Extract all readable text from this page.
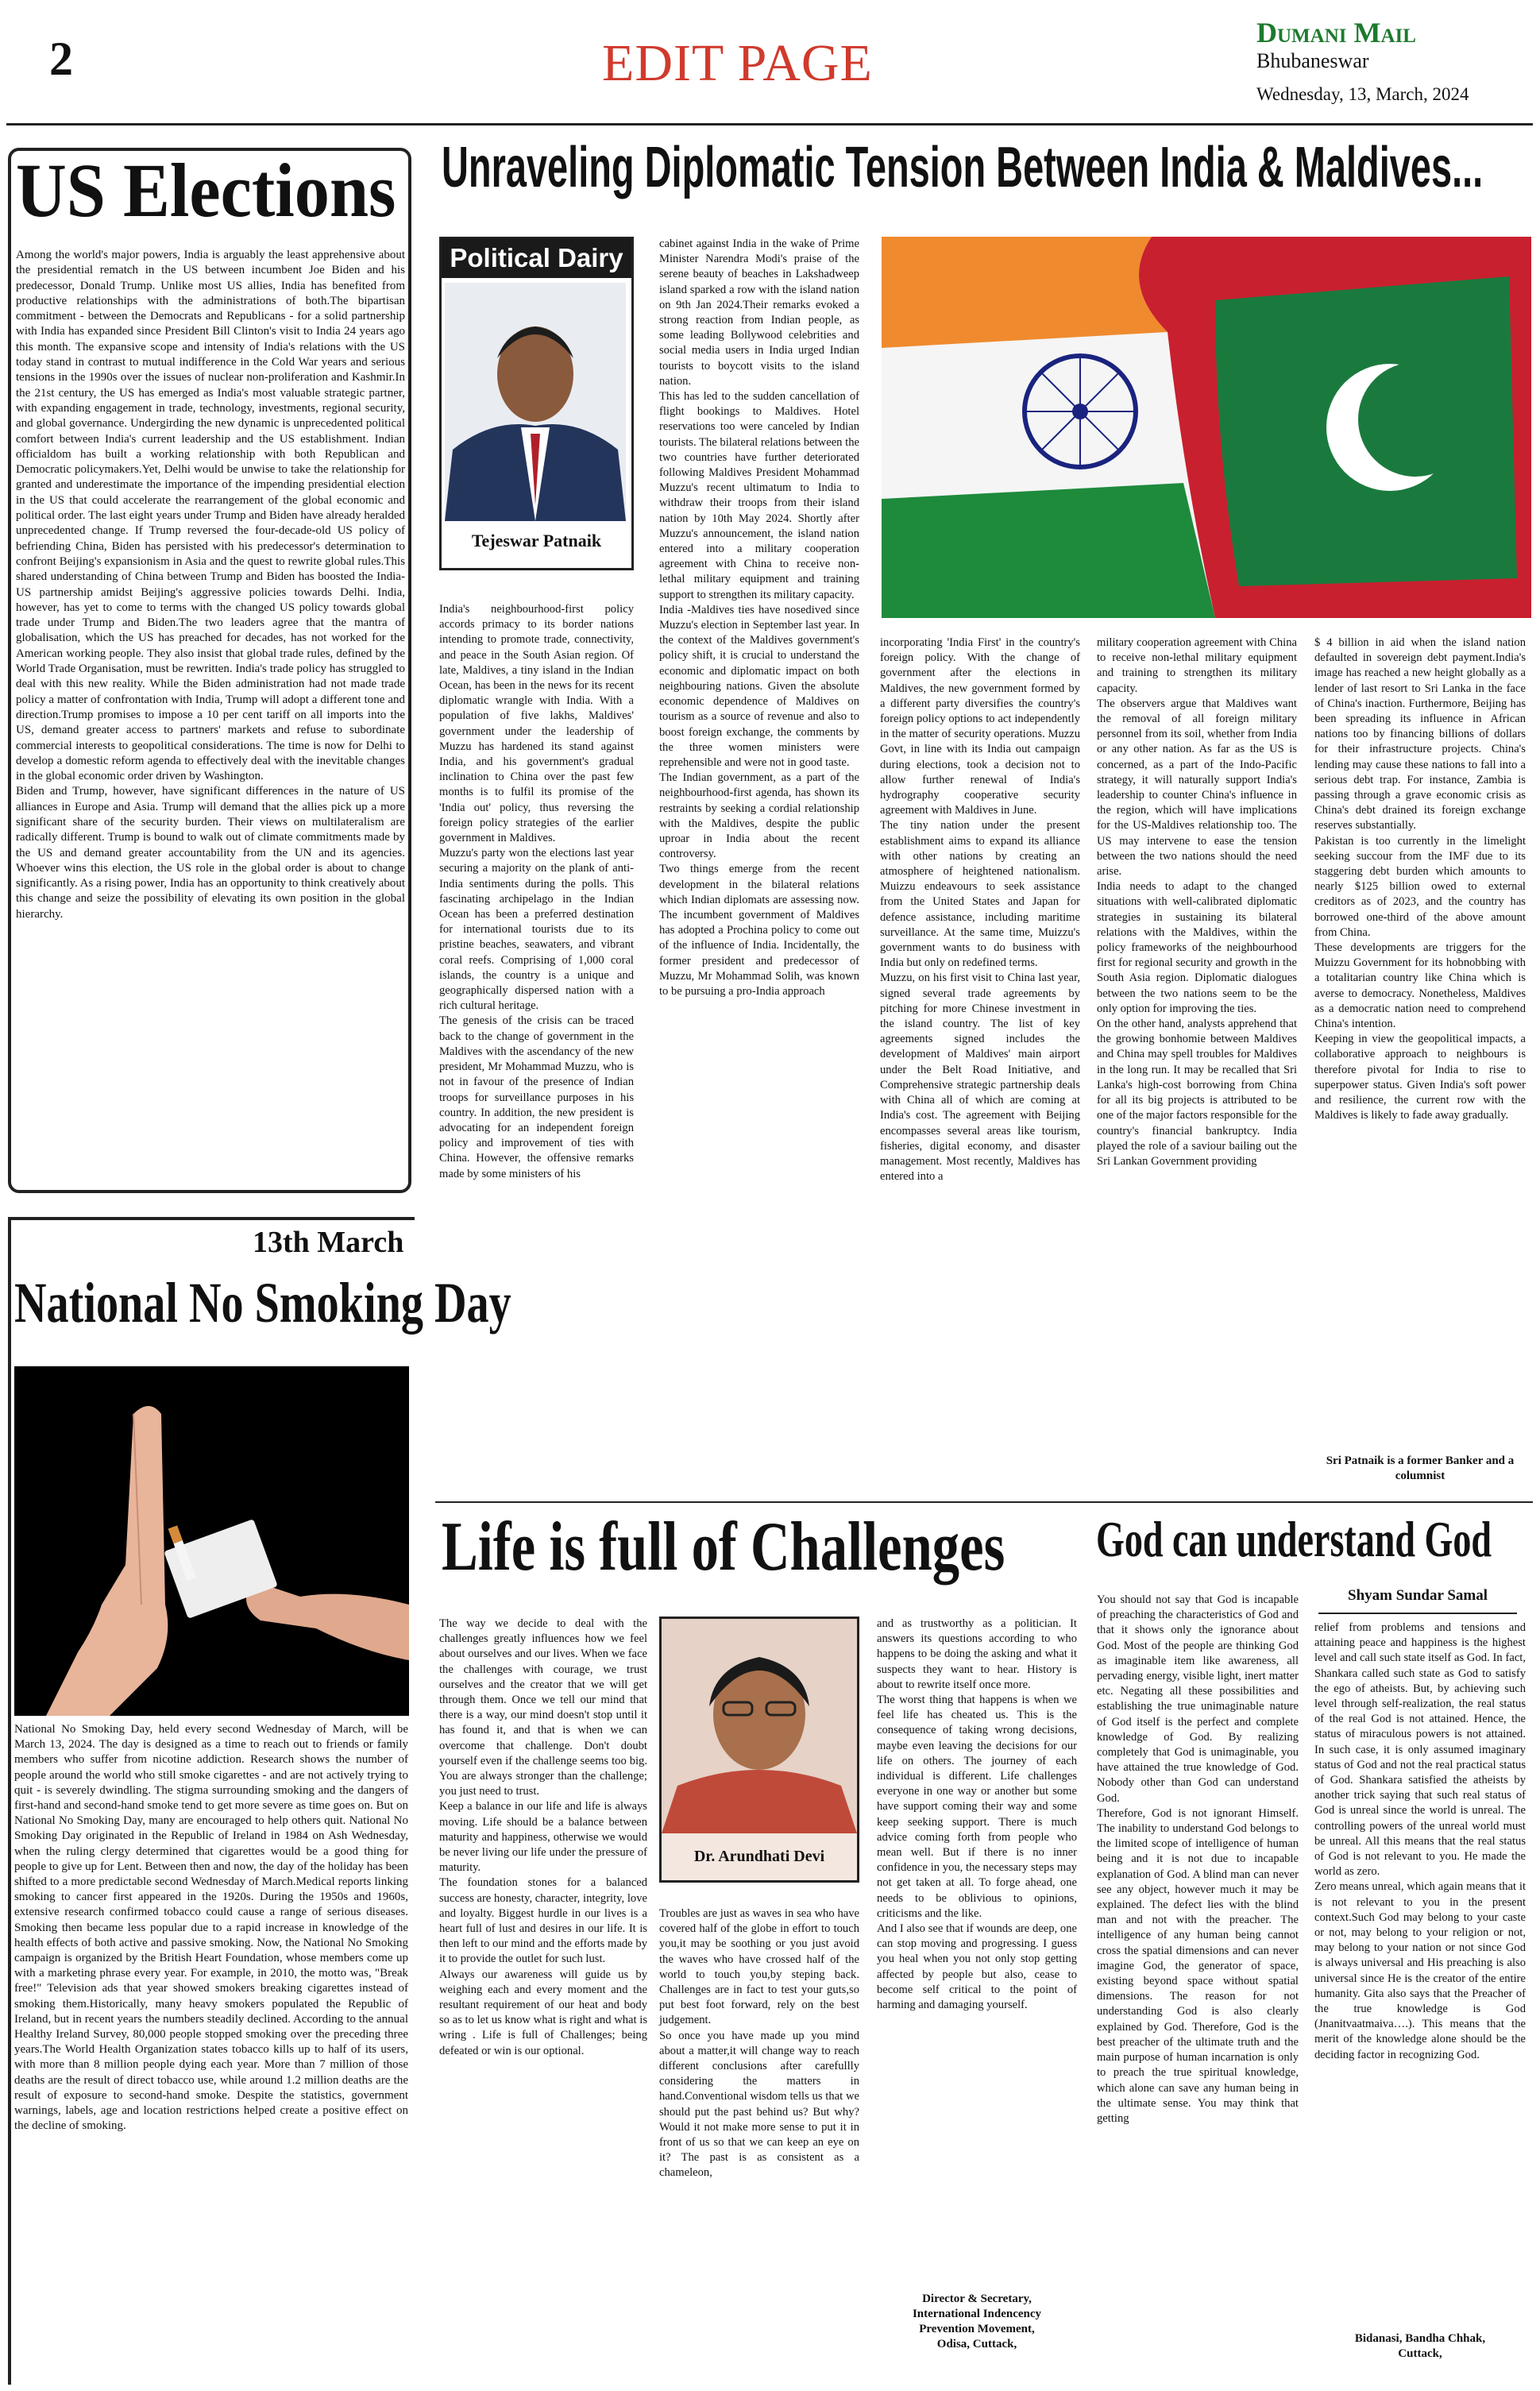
2	EDIT PAGE
Dumani Mail
Bhubaneswar
Wednesday, 13, March, 2024
US Elections
Among the world's major powers, India is arguably the least apprehensive about the presidential rematch in the US between incumbent Joe Biden and his predecessor, Donald Trump. Unlike most US allies, India has benefited from productive relationships with the administrations of both.The bipartisan commitment - between the Democrats and Republicans - for a solid partnership with India has expanded since President Bill Clinton's visit to India 24 years ago this month. The expansive scope and intensity of India's relations with the US today stand in contrast to mutual indifference in the Cold War years and serious tensions in the 1990s over the issues of nuclear non-proliferation and Kashmir.In the 21st century, the US has emerged as India's most valuable strategic partner, with expanding engagement in trade, technology, investments, regional security, and global governance. Undergirding the new dynamic is unprecedented political comfort between India's current leadership and the US establishment. Indian officialdom has built a working relationship with both Republican and Democratic policymakers.Yet, Delhi would be unwise to take the relationship for granted and underestimate the importance of the impending presidential election in the US that could accelerate the rearrangement of the global economic and political order. The last eight years under Trump and Biden have already heralded unprecedented change. If Trump reversed the four-decade-old US policy of befriending China, Biden has persisted with his predecessor's determination to confront Beijing's expansionism in Asia and the quest to rewrite global rules.This shared understanding of China between Trump and Biden has boosted the India-US partnership amidst Beijing's aggressive policies towards Delhi. India, however, has yet to come to terms with the changed US policy towards global trade under Trump and Biden.The two leaders agree that the mantra of globalisation, which the US has preached for decades, has not worked for the American working people. They also insist that global trade rules, defined by the World Trade Organisation, must be rewritten. India's trade policy has struggled to deal with this new reality. While the Biden administration had not made trade policy a matter of confrontation with India, Trump will adopt a different tone and direction.Trump promises to impose a 10 per cent tariff on all imports into the US, demand greater access to partners' markets and refuse to subordinate commercial interests to geopolitical considerations. The time is now for Delhi to develop a domestic reform agenda to effectively deal with the inevitable changes in the global economic order driven by Washington.
Biden and Trump, however, have significant differences in the nature of US alliances in Europe and Asia. Trump will demand that the allies pick up a more significant share of the security burden. Their views on multilateralism are radically different. Trump is bound to walk out of climate commitments made by the US and demand greater accountability from the UN and its agencies. Whoever wins this election, the US role in the global order is about to change significantly. As a rising power, India has an opportunity to think creatively about this change and seize the possibility of elevating its own position in the global hierarchy.
13th March
National No Smoking Day
National No Smoking Day, held every second Wednesday of March, will be March 13, 2024. The day is designed as a time to reach out to friends or family members who suffer from nicotine addiction. Research shows the number of people around the world who still smoke cigarettes - and are not actively trying to quit - is severely dwindling. The stigma surrounding smoking and the dangers of first-hand and second-hand smoke tend to get more severe as time goes on. But on National No Smoking Day, many are encouraged to help others quit. National No Smoking Day originated in the Republic of Ireland in 1984 on Ash Wednesday, when the ruling clergy determined that cigarettes would be a good thing for people to give up for Lent. Between then and now, the day of the holiday has been shifted to a more predictable second Wednesday of March.Medical reports linking smoking to cancer first appeared in the 1920s. During the 1950s and 1960s, extensive research confirmed tobacco could cause a range of serious diseases. Smoking then became less popular due to a rapid increase in knowledge of the health effects of both active and passive smoking. Now, the National No Smoking campaign is organized by the British Heart Foundation, whose members come up with a marketing phrase every year. For example, in 2010, the motto was, "Break free!" Television ads that year showed smokers breaking cigarettes instead of smoking them.Historically, many heavy smokers populated the Republic of Ireland, but in recent years the numbers steadily declined. According to the annual Healthy Ireland Survey, 80,000 people stopped smoking over the preceding three years.The World Health Organization states tobacco kills up to half of its users, with more than 8 million people dying each year. More than 7 million of those deaths are the result of direct tobacco use, while around 1.2 million deaths are the result of exposure to second-hand smoke. Despite the statistics, government warnings, labels, age and location restrictions helped create a positive effect on the decline of smoking.
Unraveling Diplomatic Tension Between India & Maldives...
Political Dairy
Tejeswar Patnaik
India's neighbourhood-first policy accords primacy to its border nations intending to promote trade, connectivity, and peace in the South Asian region. Of late, Maldives, a tiny island in the Indian Ocean, has been in the news for its recent diplomatic wrangle with India. With a population of five lakhs, Maldives' government under the leadership of Muzzu has hardened its stand against India, and his government's gradual inclination to China over the past few months is to fulfil its promise of the 'India out' policy, thus reversing the foreign policy strategies of the earlier government in Maldives.
Muzzu's party won the elections last year securing a majority on the plank of anti-India sentiments during the polls. This fascinating archipelago in the Indian Ocean has been a preferred destination for international tourists due to its pristine beaches, seawaters, and vibrant coral reefs. Comprising of 1,000 coral islands, the country is a unique and geographically dispersed nation with a rich cultural heritage.
The genesis of the crisis can be traced back to the change of government in the Maldives with the ascendancy of the new president, Mr Mohammad Muzzu, who is not in favour of the presence of Indian troops for surveillance purposes in his country. In addition, the new president is advocating for an independent foreign policy and improvement of ties with China. However, the offensive remarks made by some ministers of his
cabinet against India in the wake of Prime Minister Narendra Modi's praise of the serene beauty of beaches in Lakshadweep island sparked a row with the island nation on 9th Jan 2024.Their remarks evoked a strong reaction from Indian people, as some leading Bollywood celebrities and social media users in India urged Indian tourists to boycott visits to the island nation.
This has led to the sudden cancellation of flight bookings to Maldives. Hotel reservations too were canceled by Indian tourists. The bilateral relations between the two countries have further deteriorated following Maldives President Mohammad Muzzu's recent ultimatum to India to withdraw their troops from their island nation by 10th May 2024. Shortly after Muzzu's announcement, the island nation entered into a military cooperation agreement with China to receive non-lethal military equipment and training support to strengthen its military capacity.
India -Maldives ties have nosedived since Muzzu's election in September last year. In the context of the Maldives government's policy shift, it is crucial to understand the economic and diplomatic impact on both neighbouring nations. Given the absolute economic dependence of Maldives on tourism as a source of revenue and also to boost foreign exchange, the comments by the three women ministers were reprehensible and were not in good taste.
The Indian government, as a part of the neighbourhood-first agenda, has shown its restraints by seeking a cordial relationship with the Maldives, despite the public uproar in India about the recent controversy.
Two things emerge from the recent development in the bilateral relations which Indian diplomats are assessing now. The incumbent government of Maldives has adopted a Prochina policy to come out of the influence of India. Incidentally, the former president and predecessor of Muzzu, Mr Mohammad Solih, was known to be pursuing a pro-India approach
incorporating 'India First' in the country's foreign policy. With the change of government after the elections in Maldives, the new government formed by a different party diversifies the country's foreign policy options to act independently in the matter of security operations. Muzzu Govt, in line with its India out campaign during elections, took a decision not to allow further renewal of India's hydrography cooperative security agreement with Maldives in June.
The tiny nation under the present establishment aims to expand its alliance with other nations by creating an atmosphere of heightened nationalism. Muizzu endeavours to seek assistance from the United States and Japan for defence assistance, including maritime surveillance. At the same time, Muizzu's government wants to do business with India but only on redefined terms.
Muzzu, on his first visit to China last year, signed several trade agreements by pitching for more Chinese investment in the island country. The list of key agreements signed includes the development of Maldives' main airport under the Belt Road Initiative, and Comprehensive strategic partnership deals with China all of which are coming at India's cost. The agreement with Beijing encompasses several areas like tourism, fisheries, digital economy, and disaster management. Most recently, Maldives has entered into a
military cooperation agreement with China to receive non-lethal military equipment and training to strengthen its military capacity.
The observers argue that Maldives want the removal of all foreign military personnel from its soil, whether from India or any other nation. As far as the US is concerned, as a part of the Indo-Pacific strategy, it will naturally support India's leadership to counter China's influence in the region, which will have implications for the US-Maldives relationship too. The US may intervene to ease the tension between the two nations should the need arise.
India needs to adapt to the changed situations with well-calibrated diplomatic strategies in sustaining its bilateral relations with the Maldives, within the policy frameworks of the neighbourhood first for regional security and growth in the South Asia region. Diplomatic dialogues between the two nations seem to be the only option for improving the ties.
On the other hand, analysts apprehend that the growing bonhomie between Maldives and China may spell troubles for Maldives in the long run. It may be recalled that Sri Lanka's high-cost borrowing from China for all its big projects is attributed to be one of the major factors responsible for the country's financial bankruptcy. India played the role of a saviour bailing out the Sri Lankan Government providing
$ 4 billion in aid when the island nation defaulted in sovereign debt payment.India's image has reached a new height globally as a lender of last resort to Sri Lanka in the face of China's inaction. Furthermore, Beijing has been spreading its influence in African nations too by financing billions of dollars for their infrastructure projects. China's lending may cause these nations to fall into a serious debt trap. For instance, Zambia is passing through a grave economic crisis as China's debt drained its foreign exchange reserves substantially.
Pakistan is too currently in the limelight seeking succour from the IMF due to its staggering debt burden which amounts to nearly $125 billion owed to external creditors as of 2023, and the country has borrowed one-third of the above amount from China.
These developments are triggers for the Muizzu Government for its hobnobbing with a totalitarian country like China which is averse to democracy. Nonetheless, Maldives as a democratic nation need to comprehend China's intention.
Keeping in view the geopolitical impacts, a collaborative approach to neighbours is therefore pivotal for India to rise to superpower status. Given India's soft power and resilience, the current row with the Maldives is likely to fade away gradually.
Sri Patnaik is a former Banker and a columnist
Life is full of Challenges
The way we decide to deal with the challenges greatly influences how we feel about ourselves and our lives. When we face the challenges with courage, we trust ourselves and the creator that we will get through them. Once we tell our mind that there is a way, our mind doesn't stop until it has found it, and that is when we can overcome that challenge. Don't doubt yourself even if the challenge seems too big. You are always stronger than the challenge; you just need to trust.
Keep a balance in our life and life is always moving. Life should be a balance between maturity and happiness, otherwise we would be never living our life under the pressure of maturity.
The foundation stones for a balanced success are honesty, character, integrity, love and loyalty. Biggest hurdle in our lives is a heart full of lust and desires in our life. It is then left to our mind and the efforts made by it to provide the outlet for such lust.
Always our awareness will guide us by weighing each and every moment and the resultant requirement of our heat and body so as to let us know what is right and what is wring . Life is full of Challenges; being defeated or win is our optional.
Dr. Arundhati Devi
Troubles are just as waves in sea who have covered half of the globe in effort to touch you,it may be soothing or you just avoid the waves who have crossed half of the world to touch you,by steping back. Challenges are in fact to test your guts,so put best foot forward, rely on the best judgement.
So once you have made up you mind about a matter,it will change way to reach different conclusions after carefullly considering the matters in hand.Conventional wisdom tells us that we should put the past behind us? But why? Would it not make more sense to put it in front of us so that we can keep an eye on it? The past is as consistent as a chameleon,
and as trustworthy as a politician. It answers its questions according to who happens to be doing the asking and what it suspects they want to hear. History is about to rewrite itself once more.
The worst thing that happens is when we feel life has cheated us. This is the consequence of taking wrong decisions, maybe even leaving the decisions for our life on others. The journey of each individual is different. Life challenges everyone in one way or another but some have support coming their way and some keep seeking support. There is much advice coming forth from people who mean well. But if there is no inner confidence in you, the necessary steps may not get taken at all. To forge ahead, one needs to be oblivious to opinions, criticisms and the like.
And I also see that if wounds are deep, one can stop moving and progressing. I guess you heal when you not only stop getting affected by people but also, cease to become self critical to the point of harming and damaging yourself.
Director & Secretary,
International Indencency
Prevention Movement,
Odisa, Cuttack,
God can understand God
Shyam Sundar Samal
You should not say that God is incapable of preaching the characteristics of God and that it shows only the ignorance about God. Most of the people are thinking God as imaginable item like awareness, all pervading energy, visible light, inert matter etc. Negating all these possibilities and establishing the true unimaginable nature of God itself is the perfect and complete knowledge of God. By realizing completely that God is unimaginable, you have attained the true knowledge of God. Nobody other than God can understand God.
Therefore, God is not ignorant Himself. The inability to understand God belongs to the limited scope of intelligence of human being and it is not due to incapable explanation of God. A blind man can never see any object, however much it may be explained. The defect lies with the blind man and not with the preacher. The intelligence of any human being cannot cross the spatial dimensions and can never imagine God, the generator of space, existing beyond space without spatial dimensions. The reason for not understanding God is also clearly explained by God. Therefore, God is the best preacher of the ultimate truth and the main purpose of human incarnation is only to preach the true spiritual knowledge, which alone can save any human being in the ultimate sense. You may think that getting
relief from problems and tensions and attaining peace and happiness is the highest level and call such state itself as God. In fact, Shankara called such state as God to satisfy the ego of atheists. But, by achieving such level through self-realization, the real status of the real God is not attained. Hence, the status of miraculous powers is not attained. In such case, it is only assumed imaginary status of God and not the real practical status of God. Shankara satisfied the atheists by another trick saying that such real status of God is unreal since the world is unreal. The controlling powers of the unreal world must be unreal. All this means that the real status of God is not relevant to you. He made the world as zero.
Zero means unreal, which again means that it is not relevant to you in the present context.Such God may belong to your caste or not, may belong to your religion or not, may belong to your nation or not since God is always universal and His preaching is also universal since He is the creator of the entire humanity. Gita also says that the Preacher of the true knowledge is God (Jnanitvaatmaiva….). This means that the merit of the knowledge alone should be the deciding factor in recognizing God.
Bidanasi, Bandha Chhak,
Cuttack,
